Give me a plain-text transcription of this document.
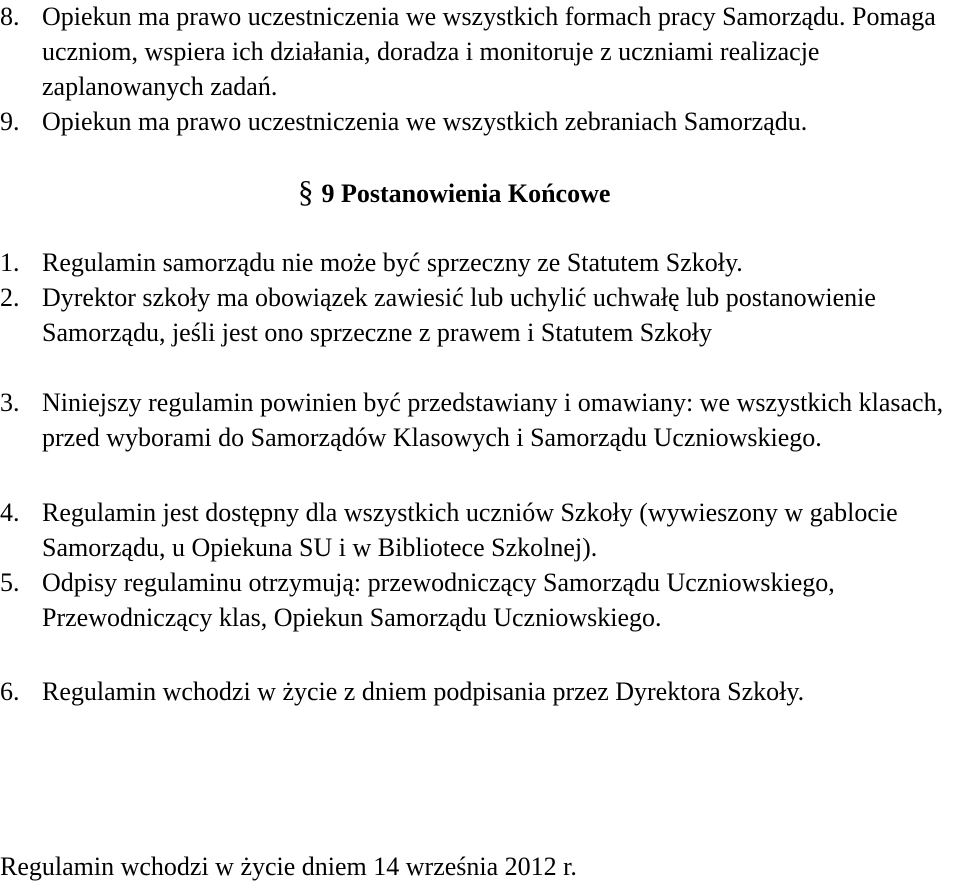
8. Opiekun ma prawo uczestniczenia we wszystkich formach pracy Samorządu. Pomaga uczniom, wspiera ich działania, doradza i monitoruje z uczniami realizacje zaplanowanych zadań.
9. Opiekun ma prawo uczestniczenia we wszystkich zebraniach Samorządu.
§ 9 Postanowienia Końcowe
1. Regulamin samorządu nie może być sprzeczny ze Statutem Szkoły.
2. Dyrektor szkoły ma obowiązek zawiesić lub uchylić uchwałę lub postanowienie Samorządu, jeśli jest ono sprzeczne z prawem i Statutem Szkoły
3. Niniejszy regulamin powinien być przedstawiany i omawiany: we wszystkich klasach, przed wyborami do Samorządów Klasowych i Samorządu Uczniowskiego.
4. Regulamin jest dostępny dla wszystkich uczniów Szkoły (wywieszony w gablocie Samorządu, u Opiekuna SU i w Bibliotece Szkolnej).
5. Odpisy regulaminu otrzymują: przewodniczący Samorządu Uczniowskiego, Przewodniczący klas, Opiekun Samorządu Uczniowskiego.
6. Regulamin wchodzi w życie z dniem podpisania przez Dyrektora Szkoły.
Regulamin wchodzi w życie dniem 14 września 2012 r.
